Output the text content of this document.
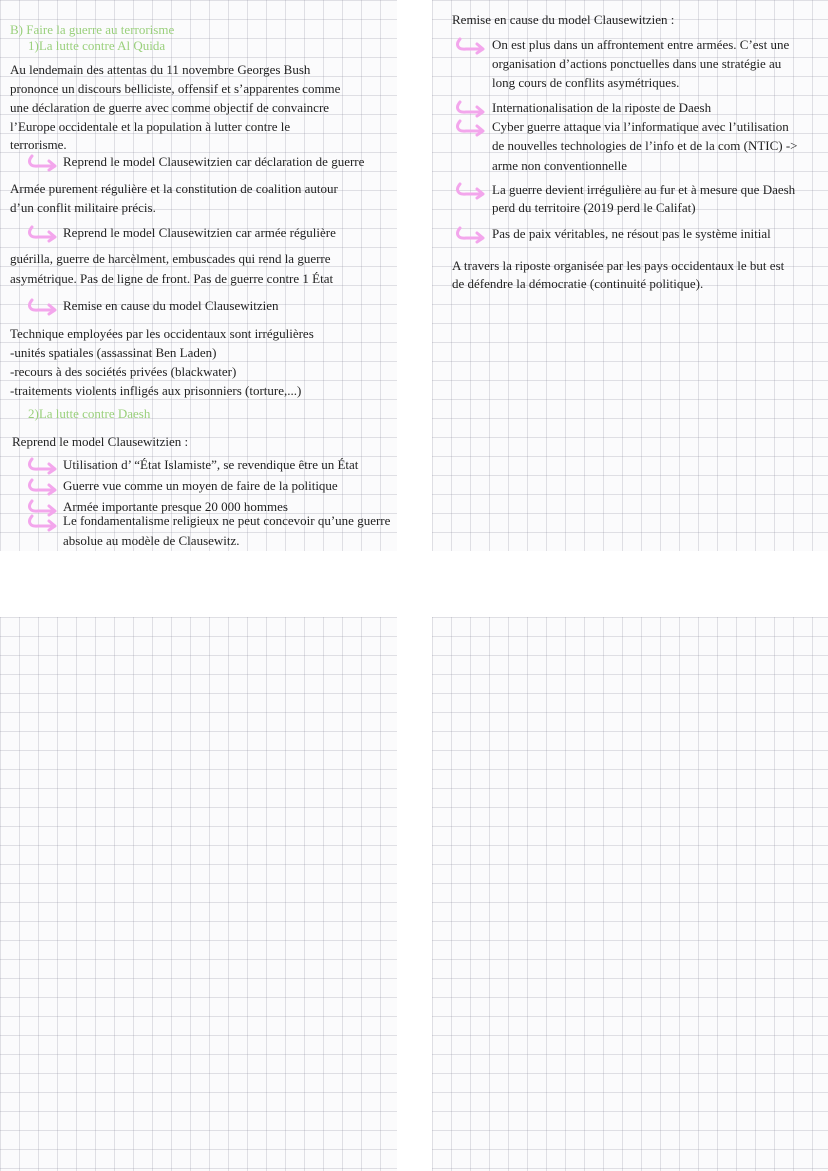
B) Faire la guerre au terrorisme
1)La lutte contre Al Quida
Au lendemain des attentas du 11 novembre Georges Bush
prononce un discours belliciste, offensif et s’apparentes comme
une déclaration de guerre avec comme objectif de convaincre
l’Europe occidentale et la population à lutter contre le
terrorisme.
Reprend le model Clausewitzien car déclaration de guerre
Armée purement régulière et la constitution de coalition autour
d’un conflit militaire précis.
Reprend le model Clausewitzien car armée régulière
guérilla, guerre de harcèlment, embuscades qui rend la guerre
asymétrique. Pas de ligne de front. Pas de guerre contre 1 État
Remise en cause du model Clausewitzien
Technique employées par les occidentaux sont irrégulières
-unités spatiales (assassinat Ben Laden)
-recours à des sociétés privées (blackwater)
-traitements violents infligés aux prisonniers (torture,...)
2)La lutte contre Daesh
Reprend le model Clausewitzien :
Utilisation d’ “État Islamiste”, se revendique être un État
Guerre vue comme un moyen de faire de la politique
Armée importante presque 20 000 hommes
Le fondamentalisme religieux ne peut concevoir qu’une guerre
absolue au modèle de Clausewitz.
Remise en cause du model Clausewitzien :
On est plus dans un affrontement entre armées. C’est une
organisation d’actions ponctuelles dans une stratégie au
long cours de conflits asymétriques.
Internationalisation de la riposte de Daesh
Cyber guerre attaque via l’informatique avec l’utilisation
de nouvelles technologies de l’info et de la com (NTIC) ->
arme non conventionnelle
La guerre devient irrégulière au fur et à mesure que Daesh
perd du territoire (2019 perd le Califat)
Pas de paix véritables, ne résout pas le système initial
A travers la riposte organisée par les pays occidentaux le but est
de défendre la démocratie (continuité politique).
